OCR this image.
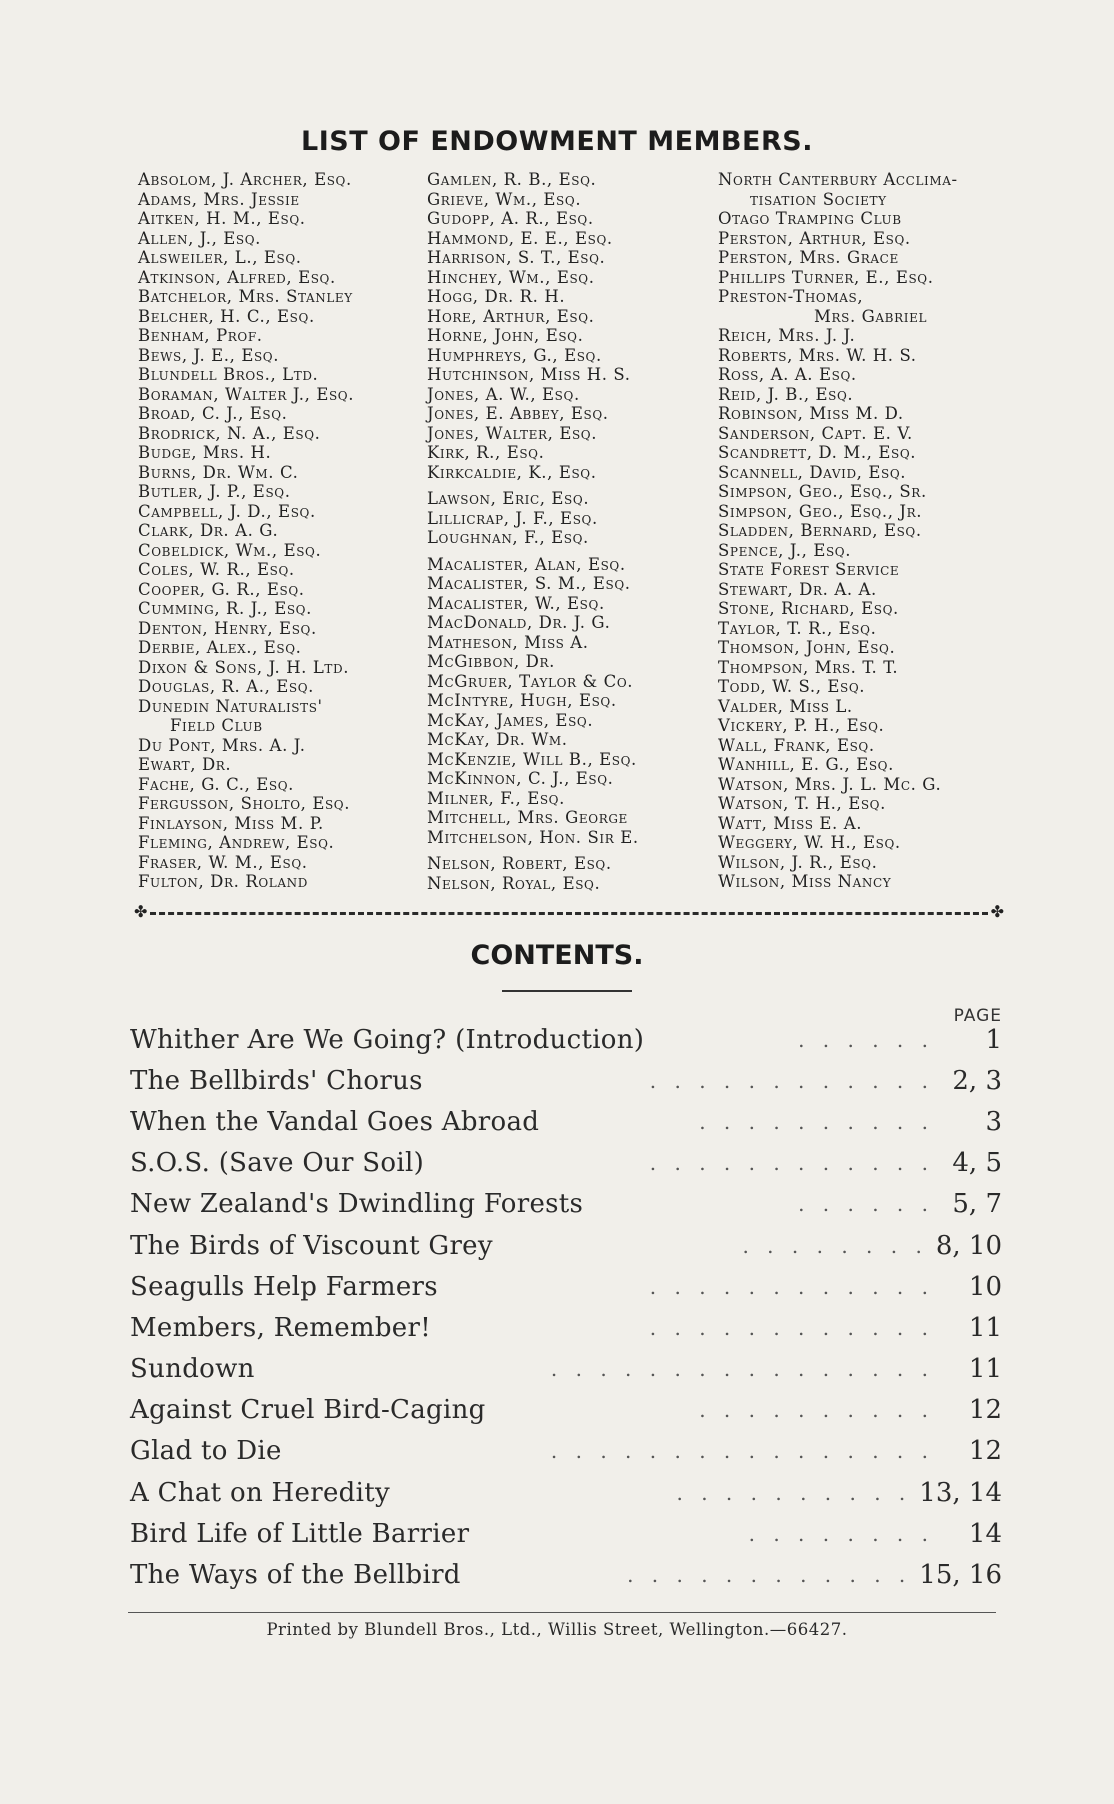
LIST OF ENDOWMENT MEMBERS.
Absolom, J. Archer, Esq.
Adams, Mrs. Jessie
Aitken, H. M., Esq.
Allen, J., Esq.
Alsweiler, L., Esq.
Atkinson, Alfred, Esq.
Batchelor, Mrs. Stanley
Belcher, H. C., Esq.
Benham, Prof.
Bews, J. E., Esq.
Blundell Bros., Ltd.
Boraman, Walter J., Esq.
Broad, C. J., Esq.
Brodrick, N. A., Esq.
Budge, Mrs. H.
Burns, Dr. Wm. C.
Butler, J. P., Esq.
Campbell, J. D., Esq.
Clark, Dr. A. G.
Cobeldick, Wm., Esq.
Coles, W. R., Esq.
Cooper, G. R., Esq.
Cumming, R. J., Esq.
Denton, Henry, Esq.
Derbie, Alex., Esq.
Dixon & Sons, J. H. Ltd.
Douglas, R. A., Esq.
Dunedin Naturalists'
Field Club
Du Pont, Mrs. A. J.
Ewart, Dr.
Fache, G. C., Esq.
Fergusson, Sholto, Esq.
Finlayson, Miss M. P.
Fleming, Andrew, Esq.
Fraser, W. M., Esq.
Fulton, Dr. Roland
Gamlen, R. B., Esq.
Grieve, Wm., Esq.
Gudopp, A. R., Esq.
Hammond, E. E., Esq.
Harrison, S. T., Esq.
Hinchey, Wm., Esq.
Hogg, Dr. R. H.
Hore, Arthur, Esq.
Horne, John, Esq.
Humphreys, G., Esq.
Hutchinson, Miss H. S.
Jones, A. W., Esq.
Jones, E. Abbey, Esq.
Jones, Walter, Esq.
Kirk, R., Esq.
Kirkcaldie, K., Esq.
Lawson, Eric, Esq.
Lillicrap, J. F., Esq.
Loughnan, F., Esq.
Macalister, Alan, Esq.
Macalister, S. M., Esq.
Macalister, W., Esq.
MacDonald, Dr. J. G.
Matheson, Miss A.
McGibbon, Dr.
McGruer, Taylor & Co.
McIntyre, Hugh, Esq.
McKay, James, Esq.
McKay, Dr. Wm.
McKenzie, Will B., Esq.
McKinnon, C. J., Esq.
Milner, F., Esq.
Mitchell, Mrs. George
Mitchelson, Hon. Sir E.
Nelson, Robert, Esq.
Nelson, Royal, Esq.
North Canterbury Acclima-
tisation Society
Otago Tramping Club
Perston, Arthur, Esq.
Perston, Mrs. Grace
Phillips Turner, E., Esq.
Preston-Thomas,
Mrs. Gabriel
Reich, Mrs. J. J.
Roberts, Mrs. W. H. S.
Ross, A. A. Esq.
Reid, J. B., Esq.
Robinson, Miss M. D.
Sanderson, Capt. E. V.
Scandrett, D. M., Esq.
Scannell, David, Esq.
Simpson, Geo., Esq., Sr.
Simpson, Geo., Esq., Jr.
Sladden, Bernard, Esq.
Spence, J., Esq.
State Forest Service
Stewart, Dr. A. A.
Stone, Richard, Esq.
Taylor, T. R., Esq.
Thomson, John, Esq.
Thompson, Mrs. T. T.
Todd, W. S., Esq.
Valder, Miss L.
Vickery, P. H., Esq.
Wall, Frank, Esq.
Wanhill, E. G., Esq.
Watson, Mrs. J. L. Mc. G.
Watson, T. H., Esq.
Watt, Miss E. A.
Weggery, W. H., Esq.
Wilson, J. R., Esq.
Wilson, Miss Nancy
✤	✤
CONTENTS.
PAGE
Whither Are We Going? (Introduction)	. . . . . .	1
The Bellbirds' Chorus	. . . . . . . . . . . . 2, 3
When the Vandal Goes Abroad	. . . . . . . . . .	3
S.O.S. (Save Our Soil)	. . . . . . . . . . . . 4, 5
New Zealand's Dwindling Forests	. . . . . . 5, 7
The Birds of Viscount Grey	. . . . . . . . 8, 10
Seagulls Help Farmers	. . . . . . . . . . . .	10
Members, Remember!	. . . . . . . . . . . .	11
Sundown	. . . . . . . . . . . . . . . .	11
Against Cruel Bird-Caging	. . . . . . . . . .	12
Glad to Die	. . . . . . . . . . . . . . . .	12
A Chat on Heredity	. . . . . . . . . . 13, 14
Bird Life of Little Barrier	. . . . . . . .	14
The Ways of the Bellbird	. . . . . . . . . . . . 15, 16
Printed by Blundell Bros., Ltd., Willis Street, Wellington.—66427.
